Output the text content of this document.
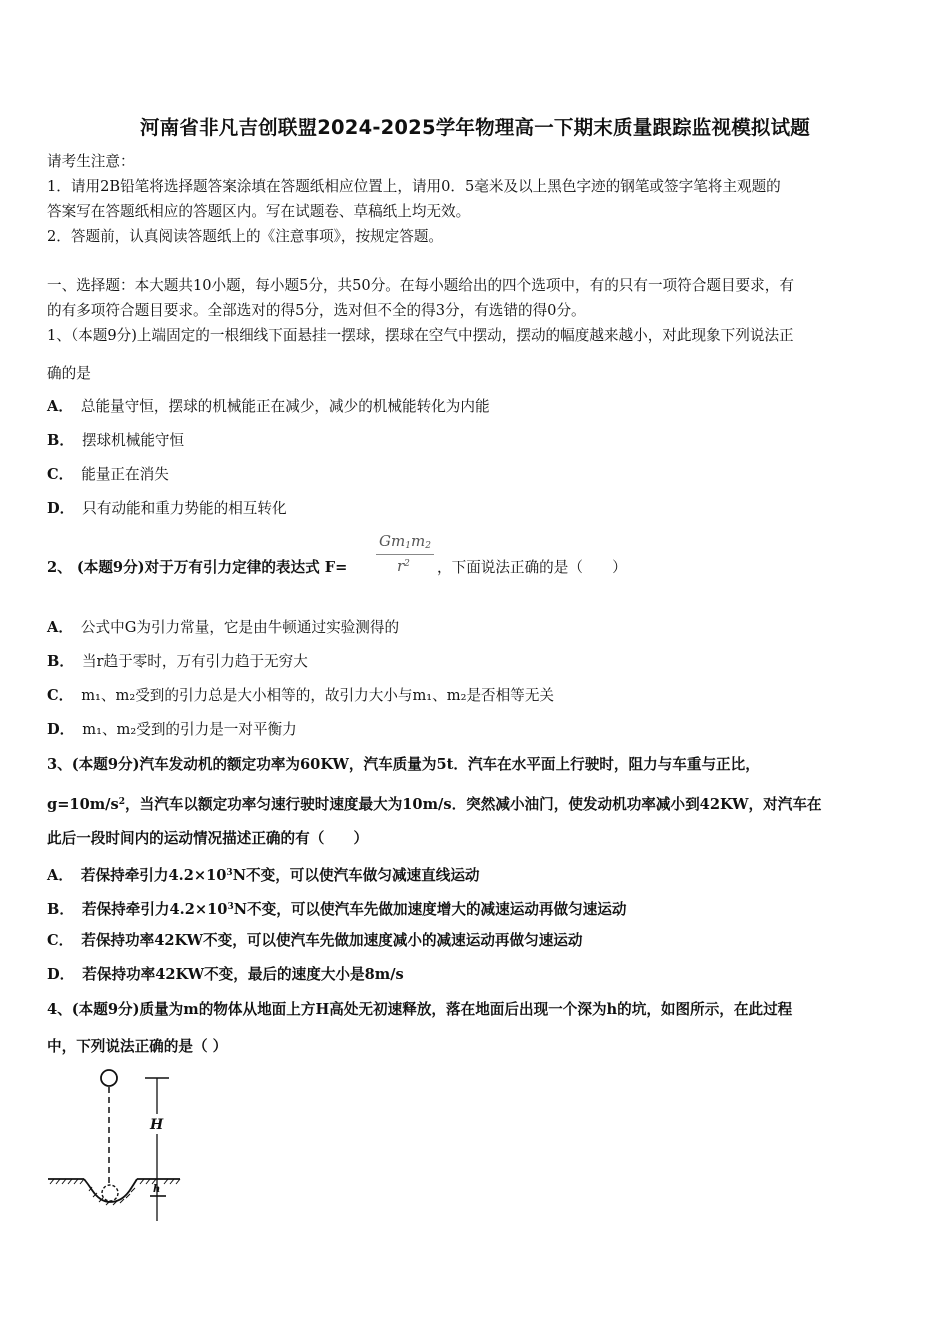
河南省非凡吉创联盟2024-2025学年物理高一下期末质量跟踪监视模拟试题
请考生注意：
1．请用2B铅笔将选择题答案涂填在答题纸相应位置上，请用0．5毫米及以上黑色字迹的钢笔或签字笔将主观题的
答案写在答题纸相应的答题区内。写在试题卷、草稿纸上均无效。
2．答题前，认真阅读答题纸上的《注意事项》，按规定答题。
一、选择题：本大题共10小题，每小题5分，共50分。在每小题给出的四个选项中，有的只有一项符合题目要求，有
的有多项符合题目要求。全部选对的得5分，选对但不全的得3分，有选错的得0分。
1、（本题9分)上端固定的一根细线下面悬挂一摆球，摆球在空气中摆动，摆动的幅度越来越小，对此现象下列说法正
确的是
A． 总能量守恒，摆球的机械能正在减少，减少的机械能转化为内能
B． 摆球机械能守恒
C． 能量正在消失
D． 只有动能和重力势能的相互转化
2、 (本题9分)对于万有引力定律的表达式 F=
$Gm_1m_2$
$r^2$ ，下面说法正确的是（　　）
A． 公式中G为引力常量，它是由牛顿通过实验测得的
B． 当r趋于零时，万有引力趋于无穷大
C． m₁、m₂受到的引力总是大小相等的，故引力大小与m₁、m₂是否相等无关
D． m₁、m₂受到的引力是一对平衡力
3、(本题9分)汽车发动机的额定功率为60KW，汽车质量为5t．汽车在水平面上行驶时，阻力与车重与正比，
$g=10m/s^2$，当汽车以额定功率匀速行驶时速度最大为10m/s．突然减小油门，使发动机功率减小到42KW，对汽车在
此后一段时间内的运动情况描述正确的有（　　）
A． 若保持牵引力$4.2\times 10^3N$不变，可以使汽车做匀减速直线运动
B． 若保持牵引力$4.2\times 10^3N$不变，可以使汽车先做加速度增大的减速运动再做匀速运动
C． 若保持功率42KW不变，可以使汽车先做加速度减小的减速运动再做匀速运动
D． 若保持功率42KW不变，最后的速度大小是8m/s
4、(本题9分)质量为m的物体从地面上方H高处无初速释放，落在地面后出现一个深为h的坑，如图所示，在此过程
中，下列说法正确的是（ ）
H
h
